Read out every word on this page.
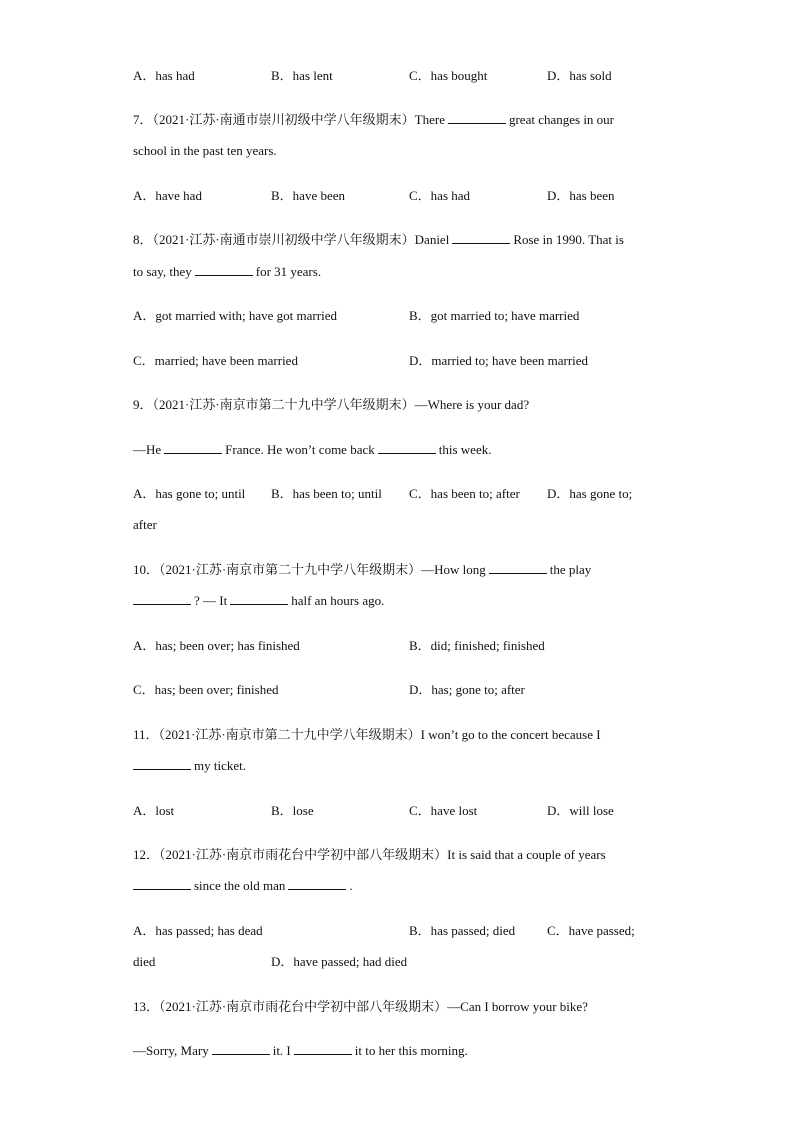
A．has had	B．has lent	C．has bought	D．has sold
7．（2021·江苏·南通市崇川初级中学八年级期末）There	great changes in our
school in the past ten years.
A．have had	B．have been	C．has had	D．has been
8．（2021·江苏·南通市崇川初级中学八年级期末）Daniel	Rose in 1990. That is
to say, they	for 31 years.
A．got married with; have got married	B．got married to; have married
C．married; have been married	D．married to; have been married
9．（2021·江苏·南京市第二十九中学八年级期末）—Where is your dad?
—He	France. He won’t come back	this week.
A．has gone to; until B．has been to; until C．has been to; after D．has gone to;
after
10．（2021·江苏·南京市第二十九中学八年级期末）—How long	the play
? — It	half an hours ago.
A．has; been over; has finished	B．did; finished; finished
C．has; been over; finished	D．has; gone to; after
11．（2021·江苏·南京市第二十九中学八年级期末）I won’t go to the concert because I
my ticket.
A．lost	B．lose	C．have lost	D．will lose
12．（2021·江苏·南京市雨花台中学初中部八年级期末）It is said that a couple of years
since the old man	.
A．has passed; has dead	B．has passed; died C．have passed;
died	D．have passed; had died
13．（2021·江苏·南京市雨花台中学初中部八年级期末）—Can I borrow your bike?
—Sorry, Mary	it. I	it to her this morning.
